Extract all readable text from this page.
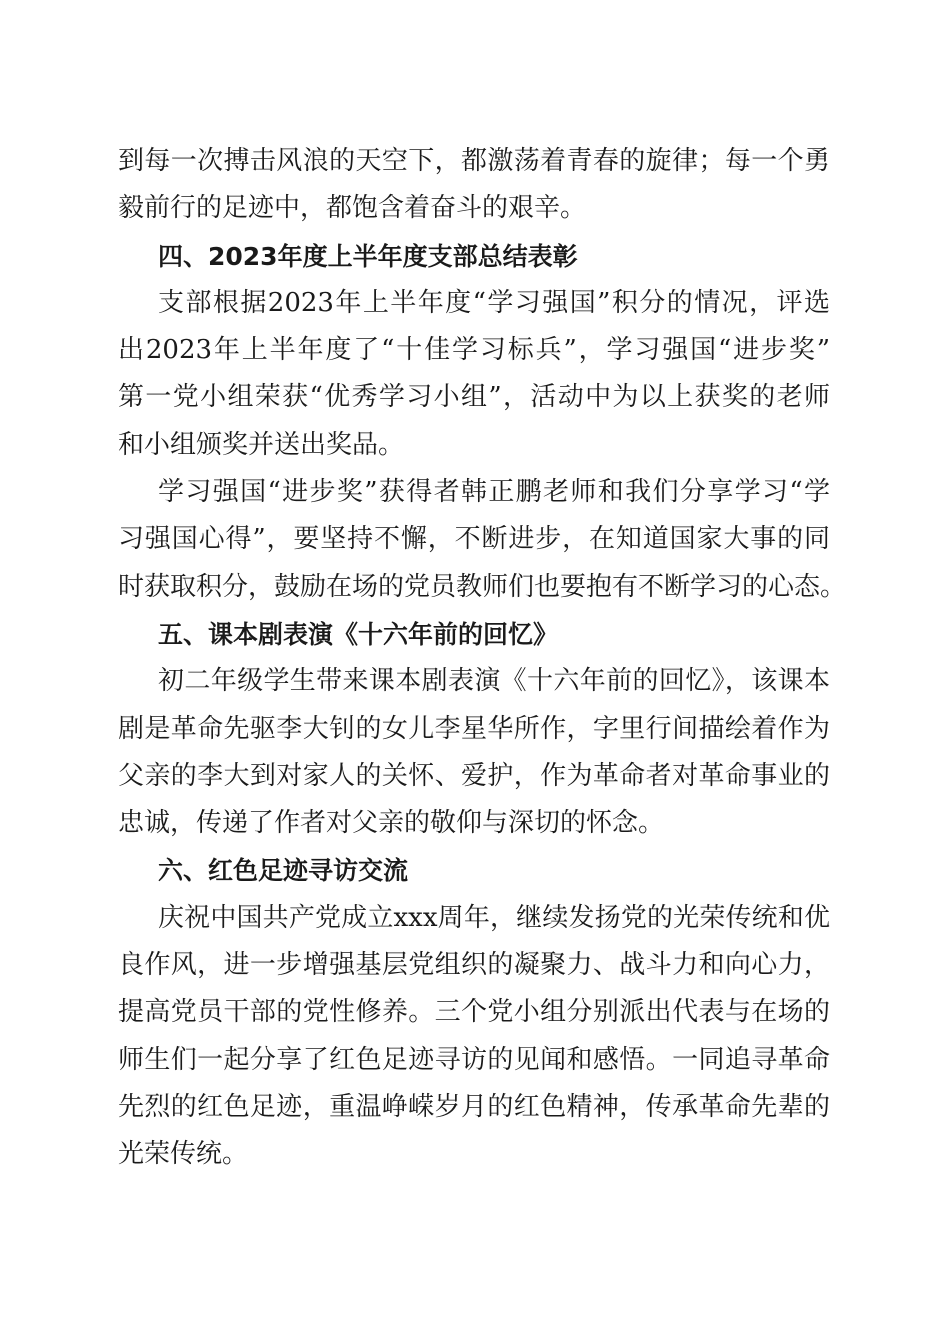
到每一次搏击风浪的天空下，都激荡着青春的旋律；每一个勇
毅前行的足迹中，都饱含着奋斗的艰辛。
四、2023年度上半年度支部总结表彰
支部根据2023年上半年度“学习强国”积分的情况，评选
出2023年上半年度了“十佳学习标兵”，学习强国“进步奖”
第一党小组荣获“优秀学习小组”，活动中为以上获奖的老师
和小组颁奖并送出奖品。
学习强国“进步奖”获得者韩正鹏老师和我们分享学习“学
习强国心得”，要坚持不懈，不断进步，在知道国家大事的同
时获取积分，鼓励在场的党员教师们也要抱有不断学习的心态。
五、课本剧表演《十六年前的回忆》
初二年级学生带来课本剧表演《十六年前的回忆》，该课本
剧是革命先驱李大钊的女儿李星华所作，字里行间描绘着作为
父亲的李大到对家人的关怀、爱护，作为革命者对革命事业的
忠诚，传递了作者对父亲的敬仰与深切的怀念。
六、红色足迹寻访交流
庆祝中国共产党成立xxx周年，继续发扬党的光荣传统和优
良作风，进一步增强基层党组织的凝聚力、战斗力和向心力，
提高党员干部的党性修养。三个党小组分别派出代表与在场的
师生们一起分享了红色足迹寻访的见闻和感悟。一同追寻革命
先烈的红色足迹，重温峥嵘岁月的红色精神，传承革命先辈的
光荣传统。
